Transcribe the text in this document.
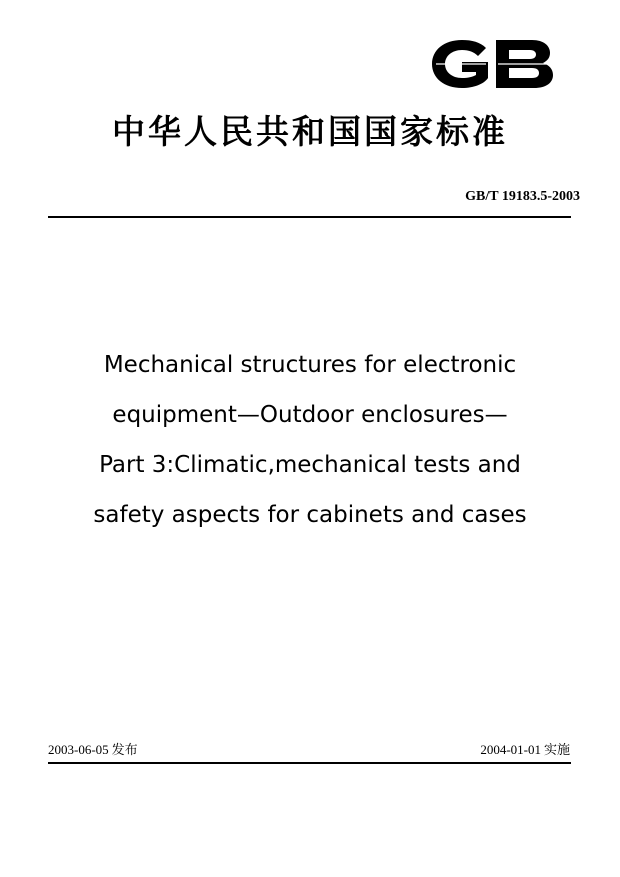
中华人民共和国国家标准
GB/T 19183.5-2003
Mechanical structures for electronic
equipment—Outdoor enclosures—
Part 3:Climatic,mechanical tests and
safety aspects for cabinets and cases
2003-06-05 发布	2004-01-01 实施
